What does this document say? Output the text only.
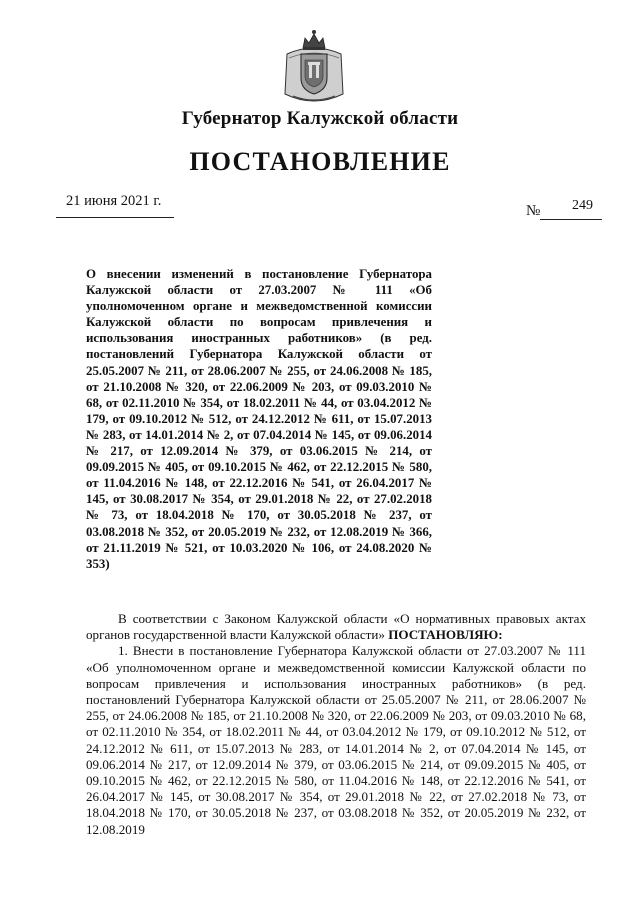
Губернатор Калужской области
ПОСТАНОВЛЕНИЕ
21 июня 2021 г.
№ 249
О внесении изменений в постановление Губернатора Калужской области от 27.03.2007 № 111 «Об уполномоченном органе и межведомственной комиссии Калужской области по вопросам привлечения и использования иностранных работников» (в ред. постановлений Губернатора Калужской области от 25.05.2007 № 211, от 28.06.2007 № 255, от 24.06.2008 № 185, от 21.10.2008 № 320, от 22.06.2009 № 203, от 09.03.2010 № 68, от 02.11.2010 № 354, от 18.02.2011 № 44, от 03.04.2012 № 179, от 09.10.2012 № 512, от 24.12.2012 № 611, от 15.07.2013 № 283, от 14.01.2014 № 2, от 07.04.2014 № 145, от 09.06.2014 № 217, от 12.09.2014 № 379, от 03.06.2015 № 214, от 09.09.2015 № 405, от 09.10.2015 № 462, от 22.12.2015 № 580, от 11.04.2016 № 148, от 22.12.2016 № 541, от 26.04.2017 № 145, от 30.08.2017 № 354, от 29.01.2018 № 22, от 27.02.2018 № 73, от 18.04.2018 № 170, от 30.05.2018 № 237, от 03.08.2018 № 352, от 20.05.2019 № 232, от 12.08.2019 № 366, от 21.11.2019 № 521, от 10.03.2020 № 106, от 24.08.2020 № 353)

В соответствии с Законом Калужской области «О нормативных правовых актах органов государственной власти Калужской области» ПОСТАНОВЛЯЮ:

1. Внести в постановление Губернатора Калужской области от 27.03.2007 № 111 «Об уполномоченном органе и межведомственной комиссии Калужской области по вопросам привлечения и использования иностранных работников» (в ред. постановлений Губернатора Калужской области от 25.05.2007 № 211, от 28.06.2007 № 255, от 24.06.2008 № 185, от 21.10.2008 № 320, от 22.06.2009 № 203, от 09.03.2010 № 68, от 02.11.2010 № 354, от 18.02.2011 № 44, от 03.04.2012 № 179, от 09.10.2012 № 512, от 24.12.2012 № 611, от 15.07.2013 № 283, от 14.01.2014 № 2, от 07.04.2014 № 145, от 09.06.2014 № 217, от 12.09.2014 № 379, от 03.06.2015 № 214, от 09.09.2015 № 405, от 09.10.2015 № 462, от 22.12.2015 № 580, от 11.04.2016 № 148, от 22.12.2016 № 541, от 26.04.2017 № 145, от 30.08.2017 № 354, от 29.01.2018 № 22, от 27.02.2018 № 73, от 18.04.2018 № 170, от 30.05.2018 № 237, от 03.08.2018 № 352, от 20.05.2019 № 232, от 12.08.2019
